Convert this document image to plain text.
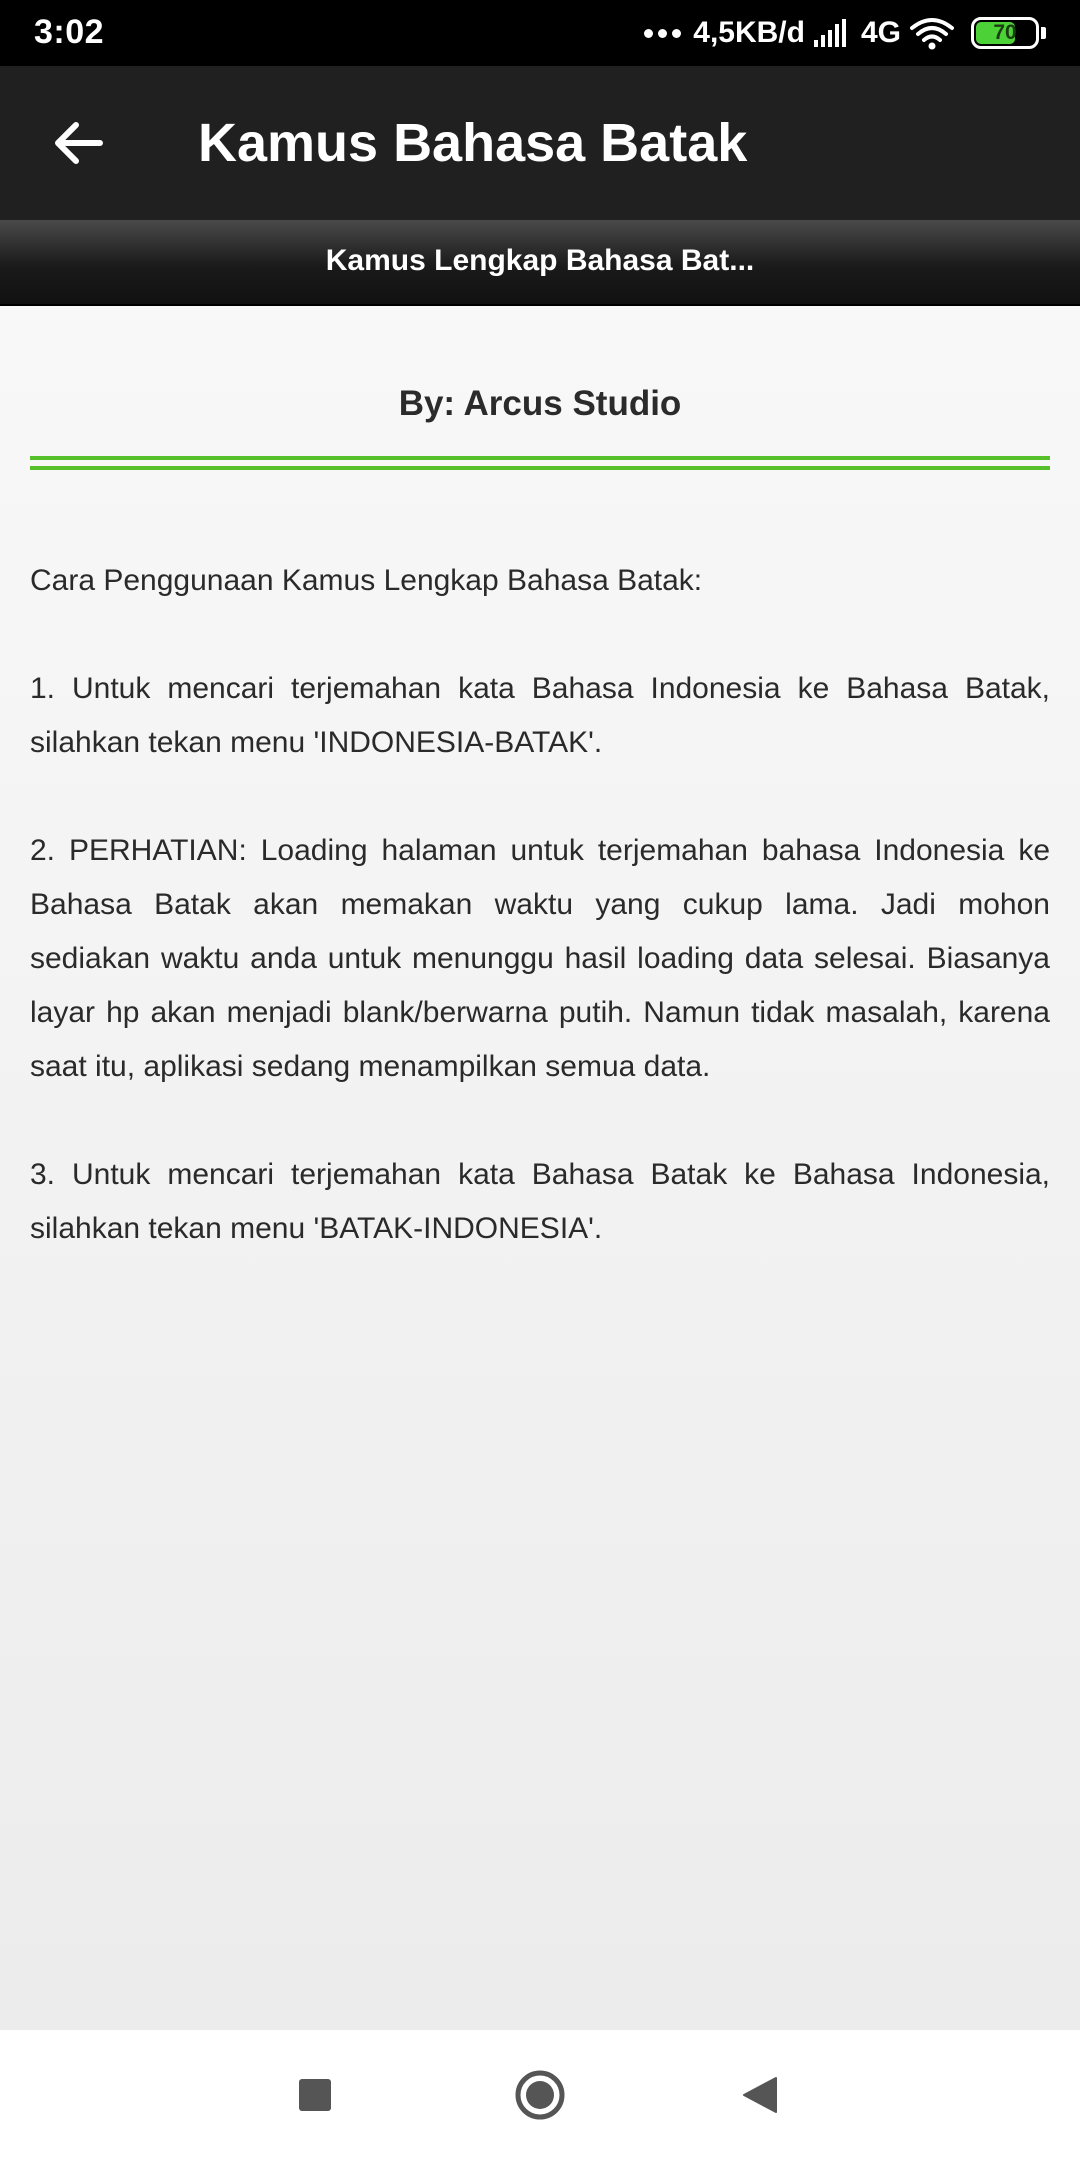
3:02	4,5KB/d 4G	70
Kamus Bahasa Batak
Kamus Lengkap Bahasa Bat...
By: Arcus Studio

Cara Penggunaan Kamus Lengkap Bahasa Batak:

1. Untuk mencari terjemahan kata Bahasa Indonesia ke Bahasa Batak, silahkan tekan menu 'INDONESIA-BATAK'.

2. PERHATIAN: Loading halaman untuk terjemahan bahasa Indonesia ke Bahasa Batak akan memakan waktu yang cukup lama. Jadi mohon sediakan waktu anda untuk menunggu hasil loading data selesai. Biasanya layar hp akan menjadi blank/berwarna putih. Namun tidak masalah, karena saat itu, aplikasi sedang menampilkan semua data.

3. Untuk mencari terjemahan kata Bahasa Batak ke Bahasa Indonesia, silahkan tekan menu 'BATAK-INDONESIA'.
